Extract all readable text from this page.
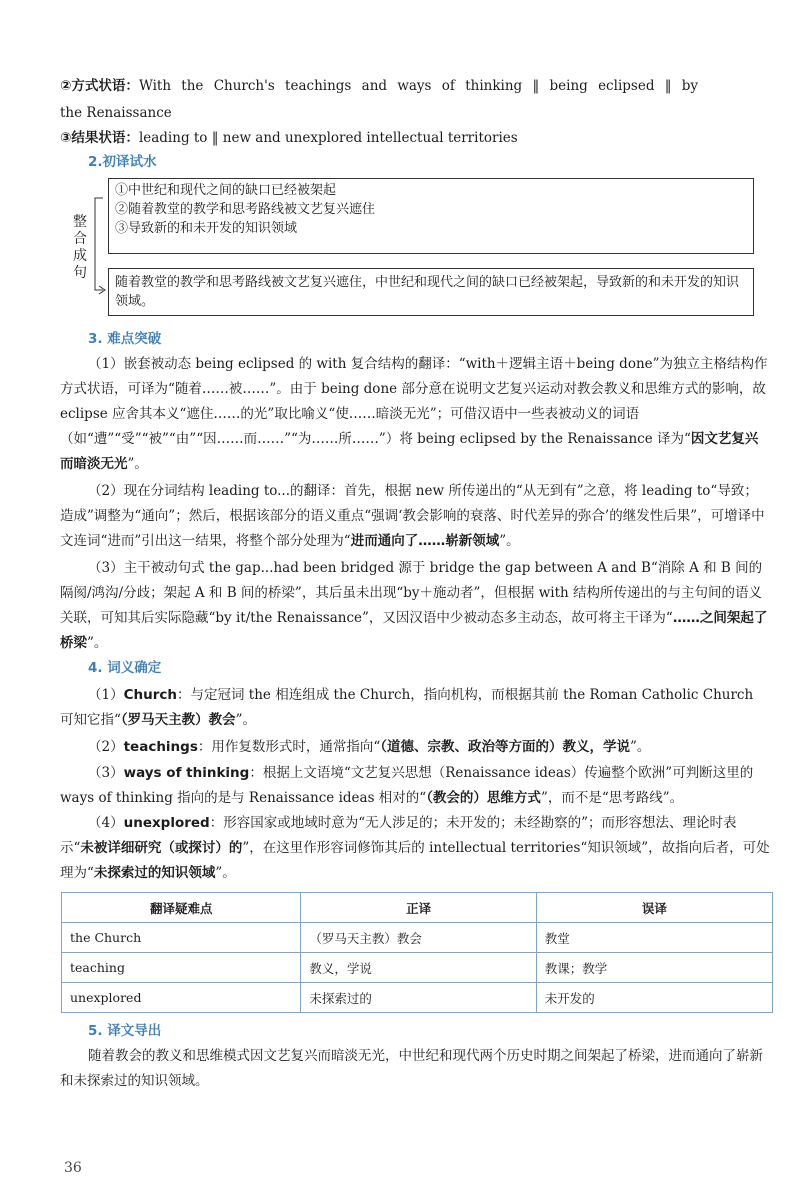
②方式状语：With the Church's teachings and ways of thinking ‖ being eclipsed ‖ by
the Renaissance
③结果状语：leading to ‖ new and unexplored intellectual territories
2.初译试水
整
合
成
句
①中世纪和现代之间的缺口已经被架起
②随着教堂的教学和思考路线被文艺复兴遮住
③导致新的和未开发的知识领域
随着教堂的教学和思考路线被文艺复兴遮住，中世纪和现代之间的缺口已经被架起，导致新的和未开发的知识领域。
3. 难点突破
（1）嵌套被动态 being eclipsed 的 with 复合结构的翻译：“with＋逻辑主语＋being done”为独立主格结构作方式状语，可译为“随着……被……”。由于 being done 部分意在说明文艺复兴运动对教会教义和思维方式的影响，故 eclipse 应舍其本义“遮住……的光”取比喻义“使……暗淡无光”；可借汉语中一些表被动义的词语（如“遭”“受”“被”“由”“因……而……”“为……所……”）将 being eclipsed by the Renaissance 译为“因文艺复兴而暗淡无光”。
（2）现在分词结构 leading to...的翻译：首先，根据 new 所传递出的“从无到有”之意，将 leading to“导致；造成”调整为“通向”；然后，根据该部分的语义重点“强调‘教会影响的衰落、时代差异的弥合’的继发性后果”，可增译中文连词“进而”引出这一结果，将整个部分处理为“进而通向了……崭新领域”。
（3）主干被动句式 the gap...had been bridged 源于 bridge the gap between A and B“消除 A 和 B 间的隔阂/鸿沟/分歧；架起 A 和 B 间的桥梁”，其后虽未出现“by＋施动者”，但根据 with 结构所传递出的与主句间的语义关联，可知其后实际隐藏“by it/the Renaissance”，又因汉语中少被动态多主动态，故可将主干译为“……之间架起了桥梁”。
4. 词义确定
（1）Church：与定冠词 the 相连组成 the Church，指向机构，而根据其前 the Roman Catholic Church 可知它指“（罗马天主教）教会”。
（2）teachings：用作复数形式时，通常指向“（道德、宗教、政治等方面的）教义，学说”。
（3）ways of thinking：根据上文语境“文艺复兴思想（Renaissance ideas）传遍整个欧洲”可判断这里的 ways of thinking 指向的是与 Renaissance ideas 相对的“（教会的）思维方式”，而不是“思考路线”。
（4）unexplored：形容国家或地域时意为“无人涉足的；未开发的；未经勘察的”；而形容想法、理论时表示“未被详细研究（或探讨）的”，在这里作形容词修饰其后的 intellectual territories“知识领域”，故指向后者，可处理为“未探索过的知识领域”。
翻译疑难点	正译	误译
the Church	（罗马天主教）教会	教堂
teaching	教义，学说	教课；教学
unexplored	未探索过的	未开发的
5. 译文导出
随着教会的教义和思维模式因文艺复兴而暗淡无光，中世纪和现代两个历史时期之间架起了桥梁，进而通向了崭新和未探索过的知识领域。
36
